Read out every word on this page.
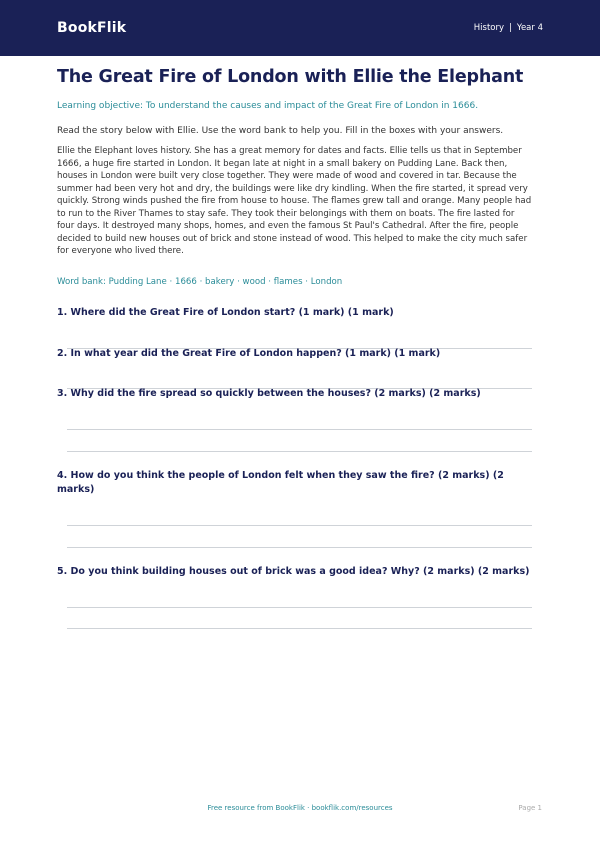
BookFlik	History | Year 4
The Great Fire of London with Ellie the Elephant

Learning objective: To understand the causes and impact of the Great Fire of London in 1666.

Read the story below with Ellie. Use the word bank to help you. Fill in the boxes with your answers.

Ellie the Elephant loves history. She has a great memory for dates and facts. Ellie tells us that in September 1666, a huge fire started in London. It began late at night in a small bakery on Pudding Lane. Back then, houses in London were built very close together. They were made of wood and covered in tar. Because the summer had been very hot and dry, the buildings were like dry kindling. When the fire started, it spread very quickly. Strong winds pushed the fire from house to house. The flames grew tall and orange. Many people had to run to the River Thames to stay safe. They took their belongings with them on boats. The fire lasted for four days. It destroyed many shops, homes, and even the famous St Paul's Cathedral. After the fire, people decided to build new houses out of brick and stone instead of wood. This helped to make the city much safer for everyone who lived there.

Word bank: Pudding Lane · 1666 · bakery · wood · flames · London

1. Where did the Great Fire of London start? (1 mark) (1 mark)
2. In what year did the Great Fire of London happen? (1 mark) (1 mark)
3. Why did the fire spread so quickly between the houses? (2 marks) (2 marks)
4. How do you think the people of London felt when they saw the fire? (2 marks) (2 marks)
5. Do you think building houses out of brick was a good idea? Why? (2 marks) (2 marks)
Free resource from BookFlik · bookflik.com/resources	Page 1
